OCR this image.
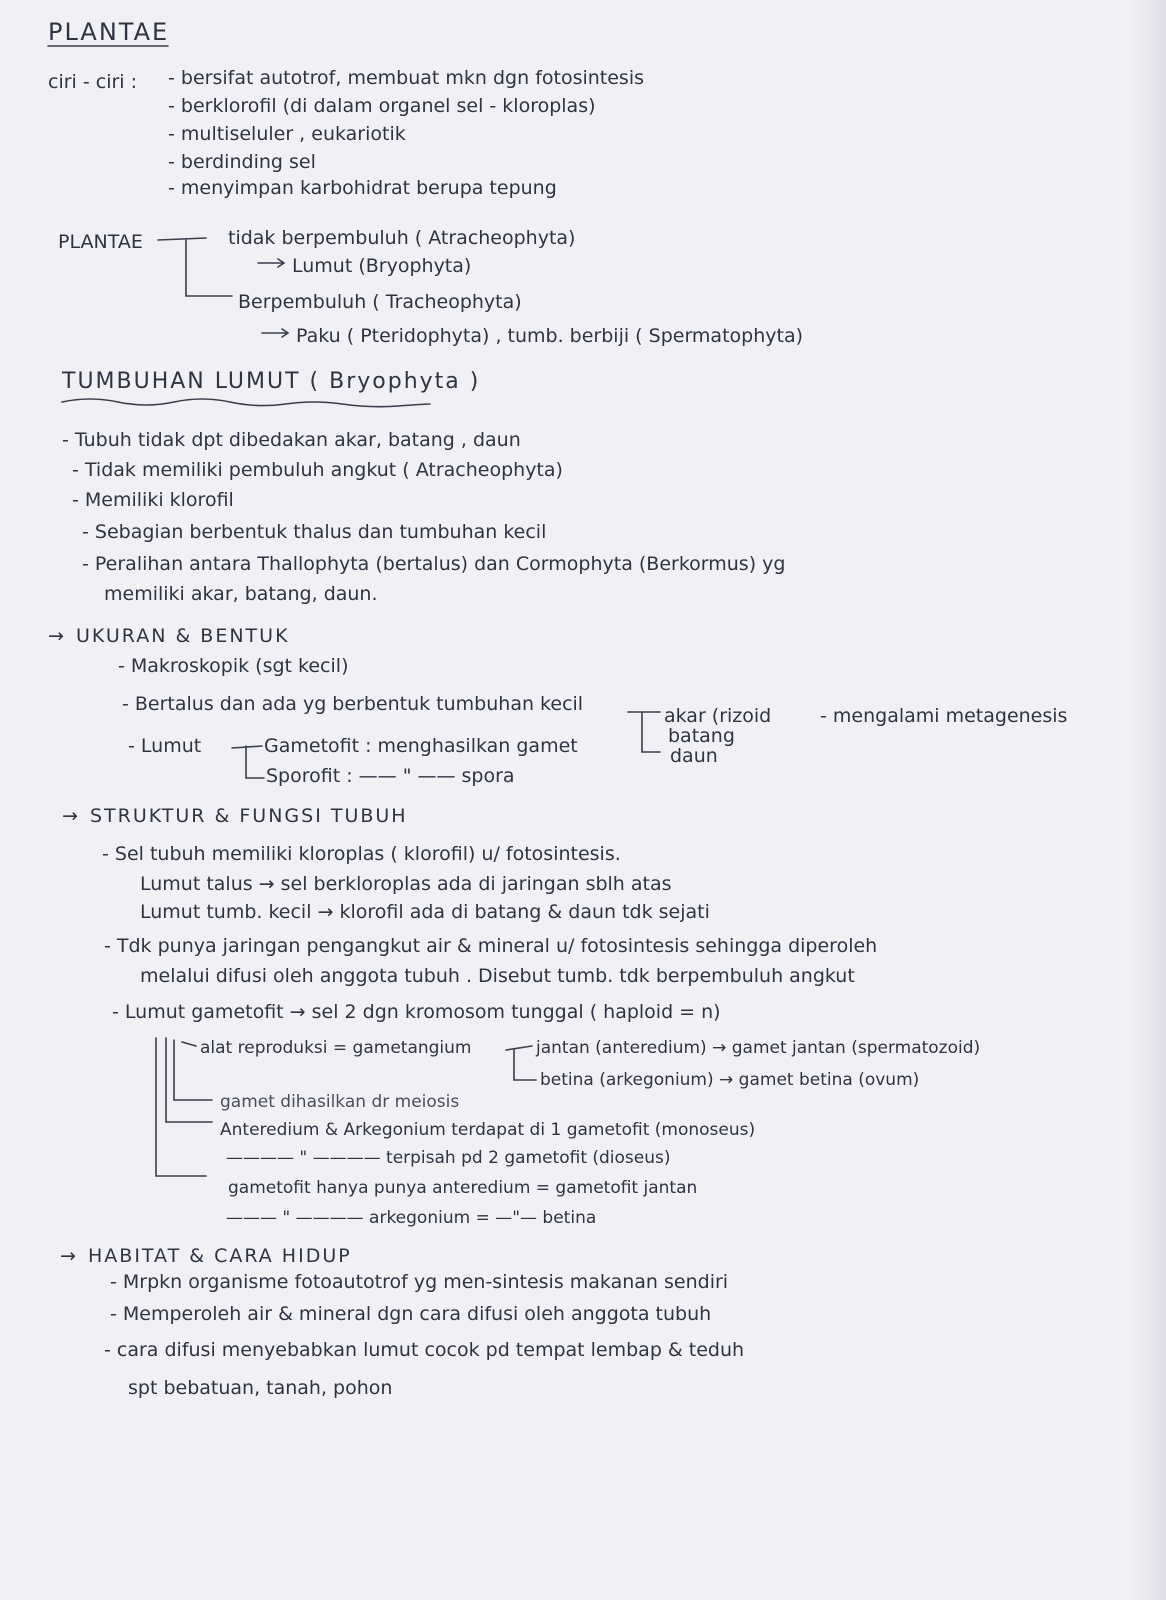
PLANTAE
ciri - ciri : - bersifat autotrof, membuat mkn dgn fotosintesis
- berklorofil (di dalam organel sel - kloroplas)
- multiseluler , eukariotik
- berdinding sel
- menyimpan karbohidrat berupa tepung
PLANTAE	tidak berpembuluh ( Atracheophyta)
Lumut (Bryophyta)
Berpembuluh ( Tracheophyta)
Paku ( Pteridophyta) , tumb. berbiji ( Spermatophyta)
TUMBUHAN LUMUT ( Bryophyta )
- Tubuh tidak dpt dibedakan akar, batang , daun
- Tidak memiliki pembuluh angkut ( Atracheophyta)
- Memiliki klorofil
- Sebagian berbentuk thalus dan tumbuhan kecil
- Peralihan antara Thallophyta (bertalus) dan Cormophyta (Berkormus) yg
memiliki akar, batang, daun.
→ UKURAN & BENTUK
- Makroskopik (sgt kecil)
- Bertalus dan ada yg berbentuk tumbuhan kecil
akar (rizoid
batang
daun
- mengalami metagenesis
- Lumut	Gametofit : menghasilkan gamet
Sporofit : —— " —— spora
→ STRUKTUR & FUNGSI TUBUH
- Sel tubuh memiliki kloroplas ( klorofil) u/ fotosintesis.
Lumut talus → sel berkloroplas ada di jaringan sblh atas
Lumut tumb. kecil → klorofil ada di batang & daun tdk sejati
- Tdk punya jaringan pengangkut air & mineral u/ fotosintesis sehingga diperoleh
melalui difusi oleh anggota tubuh . Disebut tumb. tdk berpembuluh angkut
- Lumut gametofit → sel 2 dgn kromosom tunggal ( haploid = n)
alat reproduksi = gametangium	jantan (anteredium) → gamet jantan (spermatozoid)
betina (arkegonium) → gamet betina (ovum)
gamet dihasilkan dr meiosis
Anteredium & Arkegonium terdapat di 1 gametofit (monoseus)
———— " ———— terpisah pd 2 gametofit (dioseus)
gametofit hanya punya anteredium = gametofit jantan
——— " ———— arkegonium = —"— betina
→ HABITAT & CARA HIDUP
- Mrpkn organisme fotoautotrof yg men-sintesis makanan sendiri
- Memperoleh air & mineral dgn cara difusi oleh anggota tubuh
- cara difusi menyebabkan lumut cocok pd tempat lembap & teduh
spt bebatuan, tanah, pohon
